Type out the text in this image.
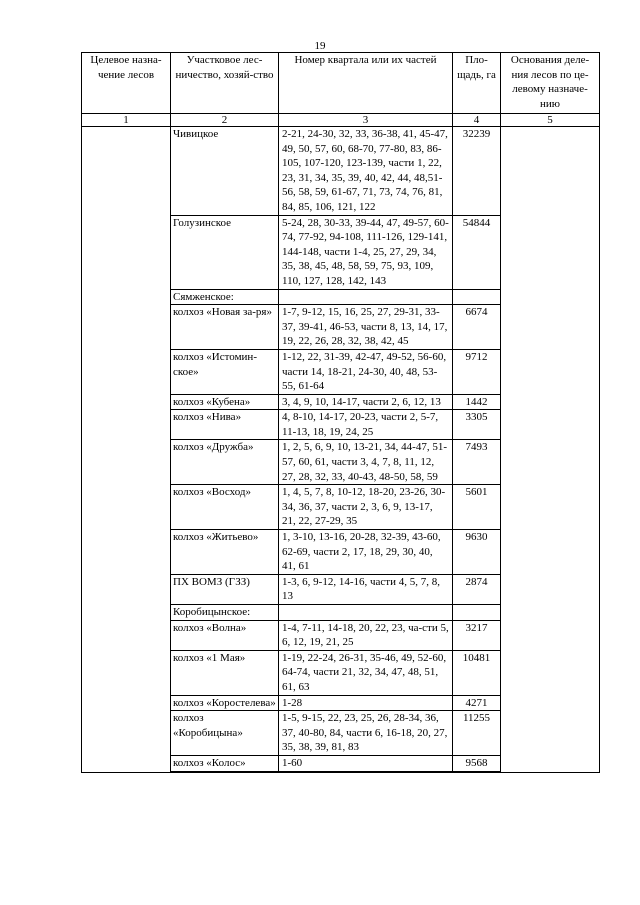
19
Целевое назна-чение лесов	Участковое лес-ничество, хозяй-ство	Номер квартала или их частей	Пло-щадь, га	Основания деле-ния лесов по це-левому назначе-нию
1	2	3	4	5
	Чивицкое	2-21, 24-30, 32, 33, 36-38, 41, 45-47, 49, 50, 57, 60, 68-70, 77-80, 83, 86-105, 107-120, 123-139, части 1, 22, 23, 31, 34, 35, 39, 40, 42, 44, 48,51-56, 58, 59, 61-67, 71, 73, 74, 76, 81, 84, 85, 106, 121, 122	32239	
	Голузинское	5-24, 28, 30-33, 39-44, 47, 49-57, 60-74, 77-92, 94-108, 111-126, 129-141, 144-148, части 1-4, 25, 27, 29, 34, 35, 38, 45, 48, 58, 59, 75, 93, 109, 110, 127, 128, 142, 143	54844	
	Сямженское:			
	колхоз «Новая за-ря»	1-7, 9-12, 15, 16, 25, 27, 29-31, 33-37, 39-41, 46-53, части 8, 13, 14, 17, 19, 22, 26, 28, 32, 38, 42, 45	6674	
	колхоз «Истомин-ское»	1-12, 22, 31-39, 42-47, 49-52, 56-60, части 14, 18-21, 24-30, 40, 48, 53-55, 61-64	9712	
	колхоз «Кубена»	3, 4, 9, 10, 14-17, части 2, 6, 12, 13	1442	
	колхоз «Нива»	4, 8-10, 14-17, 20-23, части 2, 5-7, 11-13, 18, 19, 24, 25	3305	
	колхоз «Дружба»	1, 2, 5, 6, 9, 10, 13-21, 34, 44-47, 51-57, 60, 61, части 3, 4, 7, 8, 11, 12, 27, 28, 32, 33, 40-43, 48-50, 58, 59	7493	
	колхоз «Восход»	1, 4, 5, 7, 8, 10-12, 18-20, 23-26, 30-34, 36, 37, части 2, 3, 6, 9, 13-17, 21, 22, 27-29, 35	5601	
	колхоз «Житьево»	1, 3-10, 13-16, 20-28, 32-39, 43-60, 62-69, части 2, 17, 18, 29, 30, 40, 41, 61	9630	
	ПХ ВОМЗ (ГЗЗ)	1-3, 6, 9-12, 14-16, части 4, 5, 7, 8, 13	2874	
	Коробицынское:			
	колхоз «Волна»	1-4, 7-11, 14-18, 20, 22, 23, ча-сти 5, 6, 12, 19, 21, 25	3217	
	колхоз «1 Мая»	1-19, 22-24, 26-31, 35-46, 49, 52-60, 64-74, части 21, 32, 34, 47, 48, 51, 61, 63	10481	
	колхоз «Коростелева»	1-28	4271	
	колхоз «Коробицына»	1-5, 9-15, 22, 23, 25, 26, 28-34, 36, 37, 40-80, 84, части 6, 16-18, 20, 27, 35, 38, 39, 81, 83	11255	
	колхоз «Колос»	1-60	9568	
